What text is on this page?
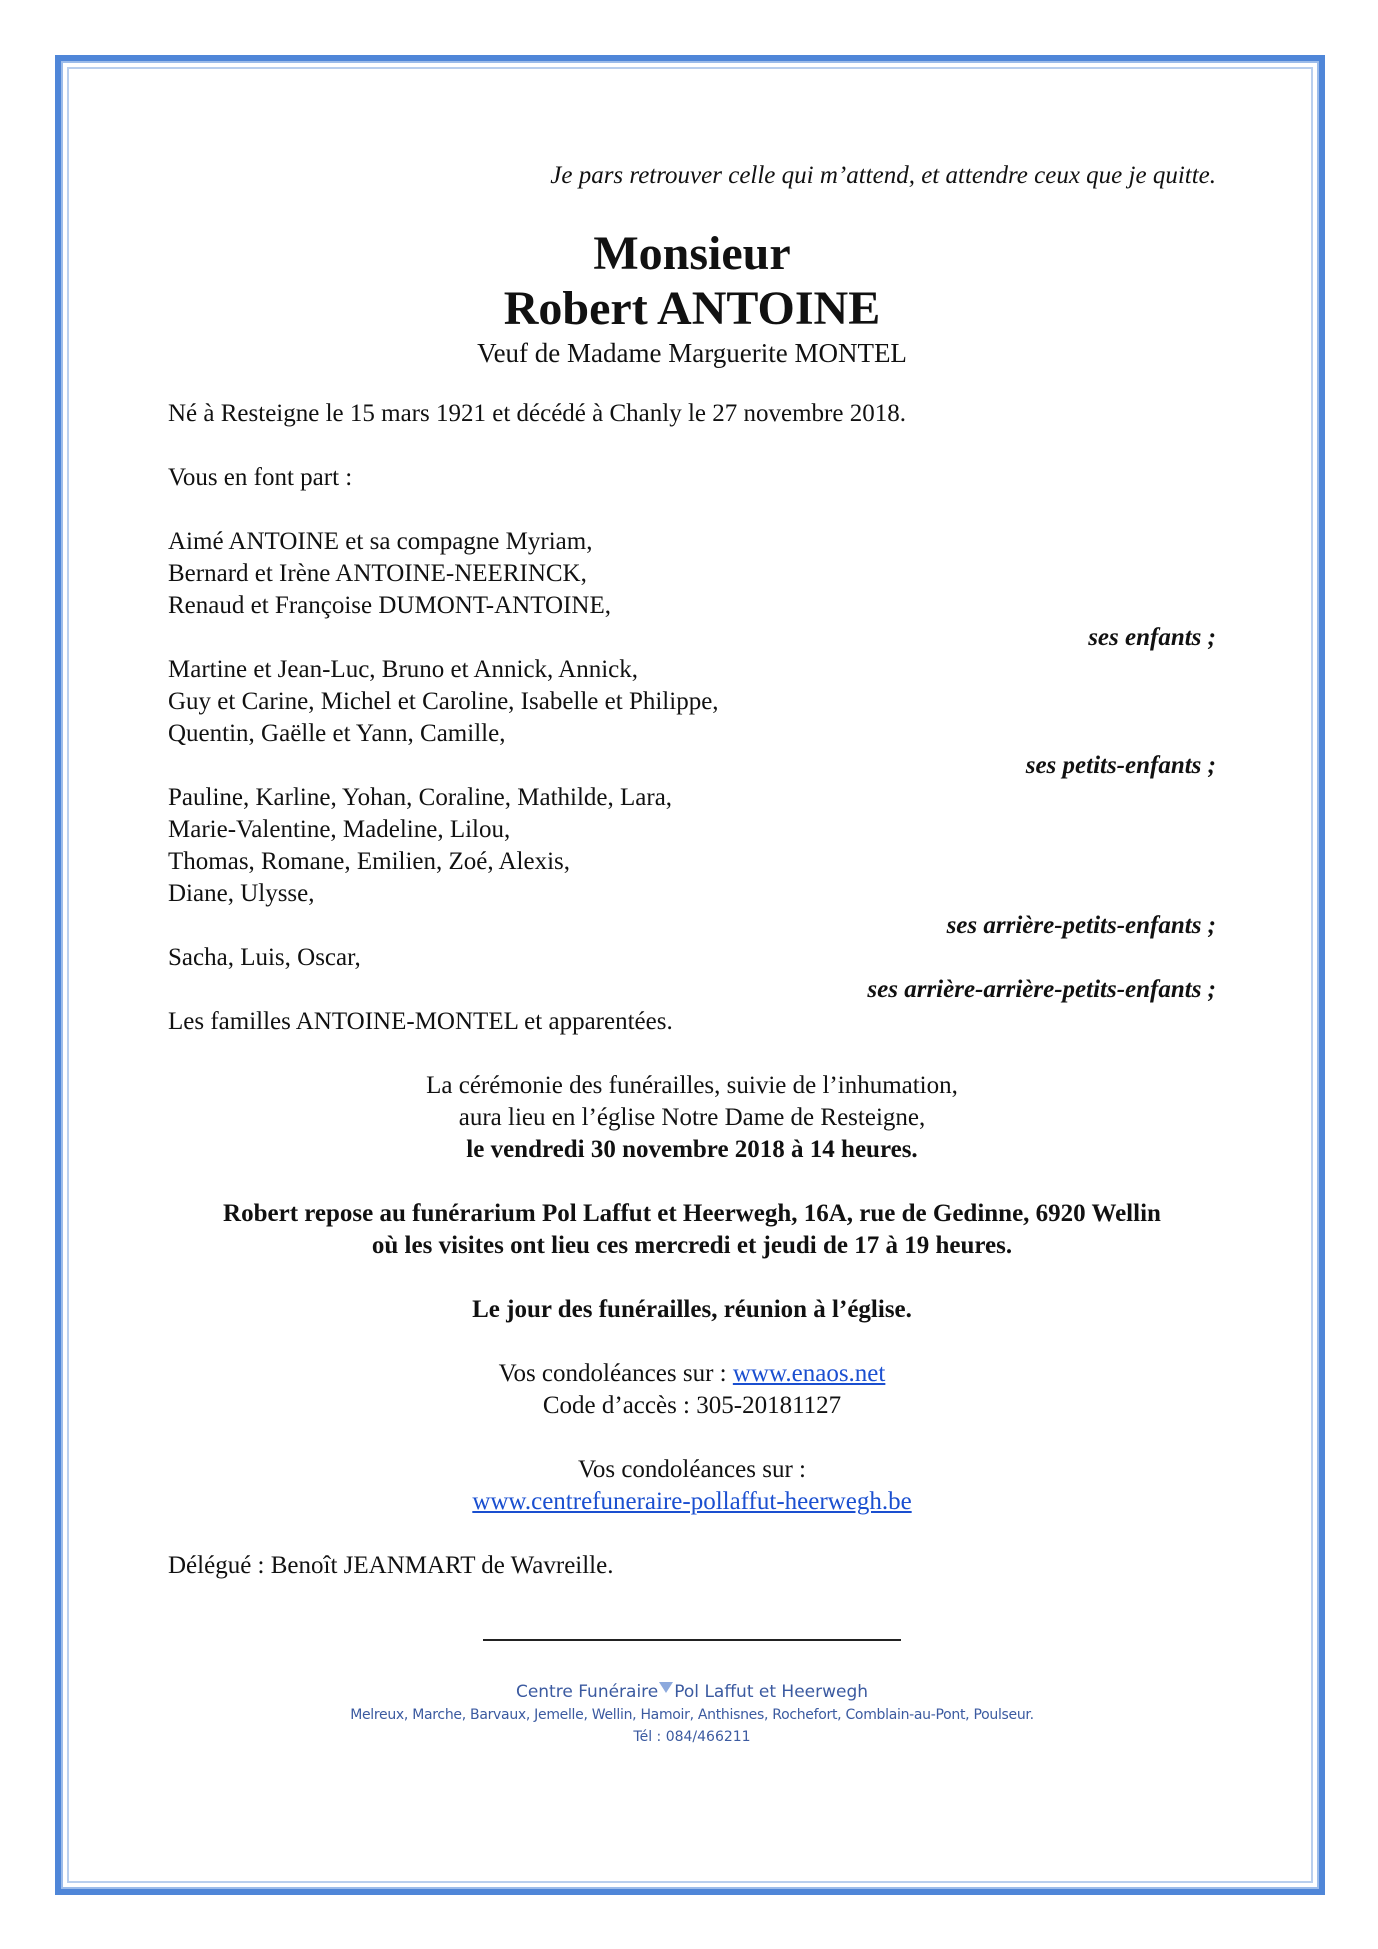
Je pars retrouver celle qui m’attend, et attendre ceux que je quitte.
Monsieur
Robert ANTOINE
Veuf de Madame Marguerite MONTEL
Né à Resteigne le 15 mars 1921 et décédé à Chanly le 27 novembre 2018.
Vous en font part :
Aimé ANTOINE et sa compagne Myriam,
Bernard et Irène ANTOINE-NEERINCK,
Renaud et Françoise DUMONT-ANTOINE,
ses enfants ;
Martine et Jean-Luc, Bruno et Annick, Annick,
Guy et Carine, Michel et Caroline, Isabelle et Philippe,
Quentin, Gaëlle et Yann, Camille,
ses petits-enfants ;
Pauline, Karline, Yohan, Coraline, Mathilde, Lara,
Marie-Valentine, Madeline, Lilou,
Thomas, Romane, Emilien, Zoé, Alexis,
Diane, Ulysse,
ses arrière-petits-enfants ;
Sacha, Luis, Oscar,
ses arrière-arrière-petits-enfants ;
Les familles ANTOINE-MONTEL et apparentées.
La cérémonie des funérailles, suivie de l’inhumation,
aura lieu en l’église Notre Dame de Resteigne,
le vendredi 30 novembre 2018 à 14 heures.
Robert repose au funérarium Pol Laffut et Heerwegh, 16A, rue de Gedinne, 6920 Wellin
où les visites ont lieu ces mercredi et jeudi de 17 à 19 heures.
Le jour des funérailles, réunion à l’église.
Vos condoléances sur : www.enaos.net
Code d’accès : 305-20181127
Vos condoléances sur :
www.centrefuneraire-pollaffut-heerwegh.be
Délégué : Benoît JEANMART de Wavreille.
Centre Funéraire Pol Laffut et Heerwegh
Melreux, Marche, Barvaux, Jemelle, Wellin, Hamoir, Anthisnes, Rochefort, Comblain-au-Pont, Poulseur.
Tél : 084/466211
